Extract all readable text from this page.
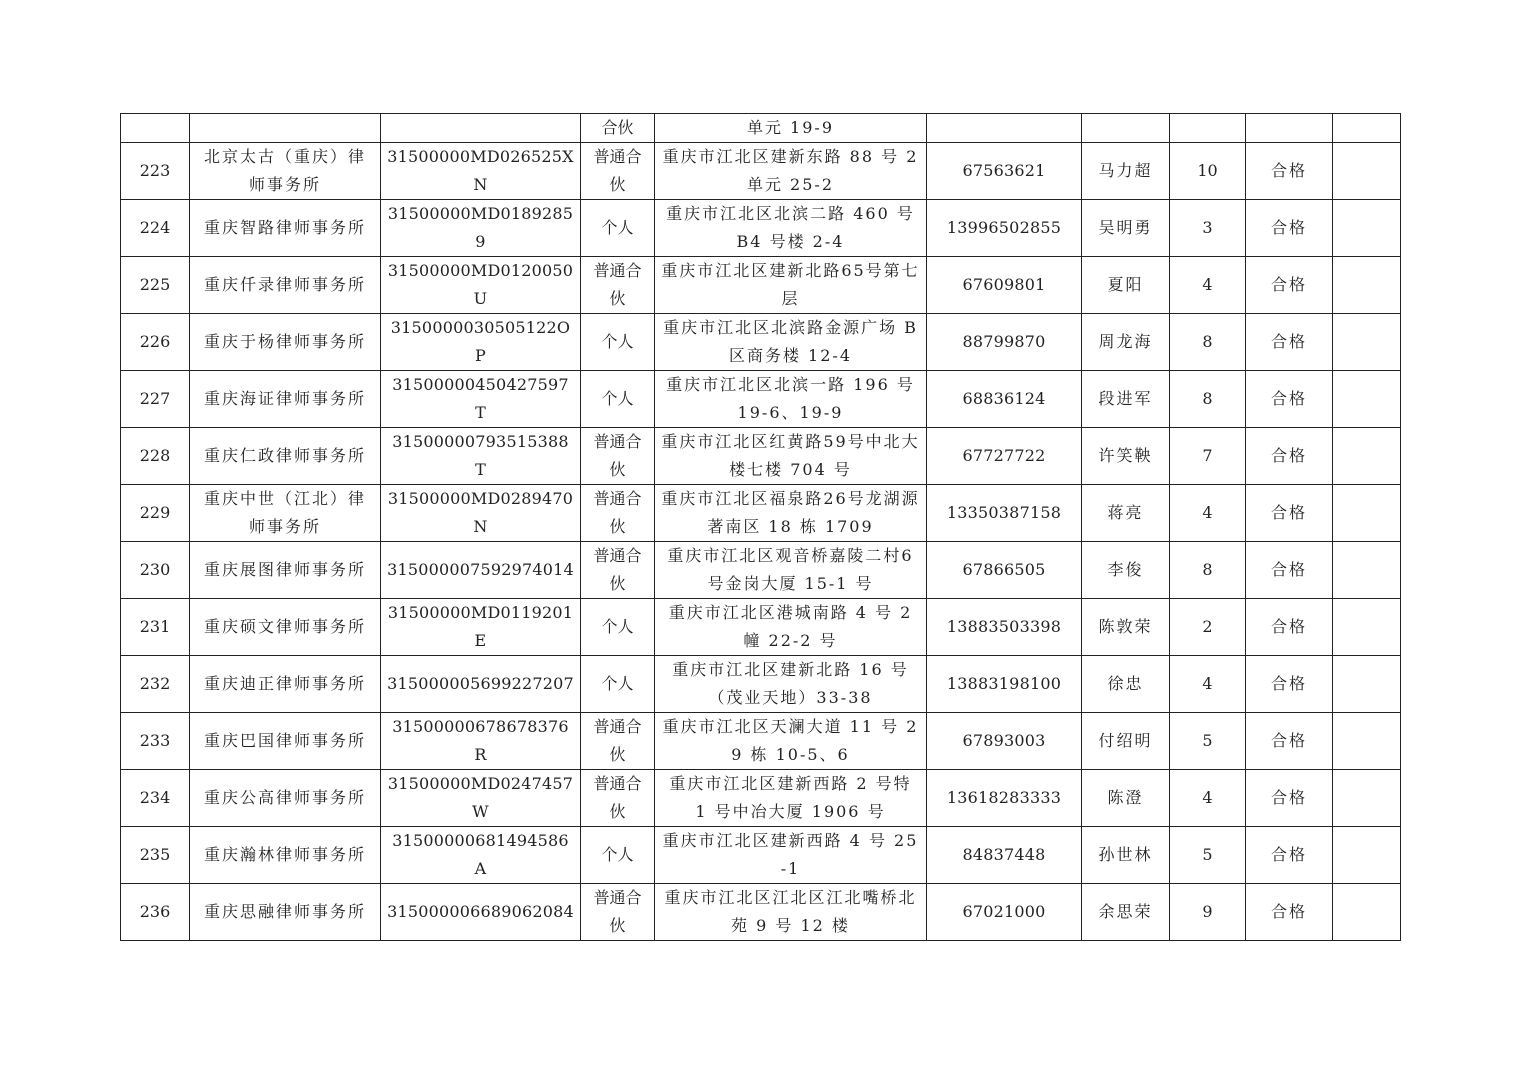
			合伙	单元 19-9					
223	北京太古（重庆）律师事务所	31500000MD026525XN	普通合伙	重庆市江北区建新东路 88 号 2 单元 25-2	67563621	马力超	10	合格	
224	重庆智路律师事务所	31500000MD01892859	个人	重庆市江北区北滨二路 460 号 B4 号楼 2-4	13996502855	吴明勇	3	合格	
225	重庆仟录律师事务所	31500000MD0120050U	普通合伙	重庆市江北区建新北路65号第七层	67609801	夏阳	4	合格	
226	重庆于杨律师事务所	3150000030505122OP	个人	重庆市江北区北滨路金源广场 B 区商务楼 12-4	88799870	周龙海	8	合格	
227	重庆海证律师事务所	31500000450427597T	个人	重庆市江北区北滨一路 196 号 19-6、19-9	68836124	段进军	8	合格	
228	重庆仁政律师事务所	31500000793515388T	普通合伙	重庆市江北区红黄路59号中北大楼七楼 704 号	67727722	许笑鞅	7	合格	
229	重庆中世（江北）律师事务所	31500000MD0289470N	普通合伙	重庆市江北区福泉路26号龙湖源著南区 18 栋 1709	13350387158	蒋亮	4	合格	
230	重庆展图律师事务所	315000007592974014	普通合伙	重庆市江北区观音桥嘉陵二村6号金岗大厦 15-1 号	67866505	李俊	8	合格	
231	重庆硕文律师事务所	31500000MD0119201E	个人	重庆市江北区港城南路 4 号 2 幢 22-2 号	13883503398	陈敦荣	2	合格	
232	重庆迪正律师事务所	315000005699227207	个人	重庆市江北区建新北路 16 号（茂业天地）33-38	13883198100	徐忠	4	合格	
233	重庆巴国律师事务所	31500000678678376R	普通合伙	重庆市江北区天澜大道 11 号 29 栋 10-5、6	67893003	付绍明	5	合格	
234	重庆公高律师事务所	31500000MD0247457W	普通合伙	重庆市江北区建新西路 2 号特 1 号中冶大厦 1906 号	13618283333	陈澄	4	合格	
235	重庆瀚林律师事务所	31500000681494586A	个人	重庆市江北区建新西路 4 号 25-1	84837448	孙世林	5	合格	
236	重庆思融律师事务所	315000006689062084	普通合伙	重庆市江北区江北区江北嘴桥北苑 9 号 12 楼	67021000	余思荣	9	合格	
